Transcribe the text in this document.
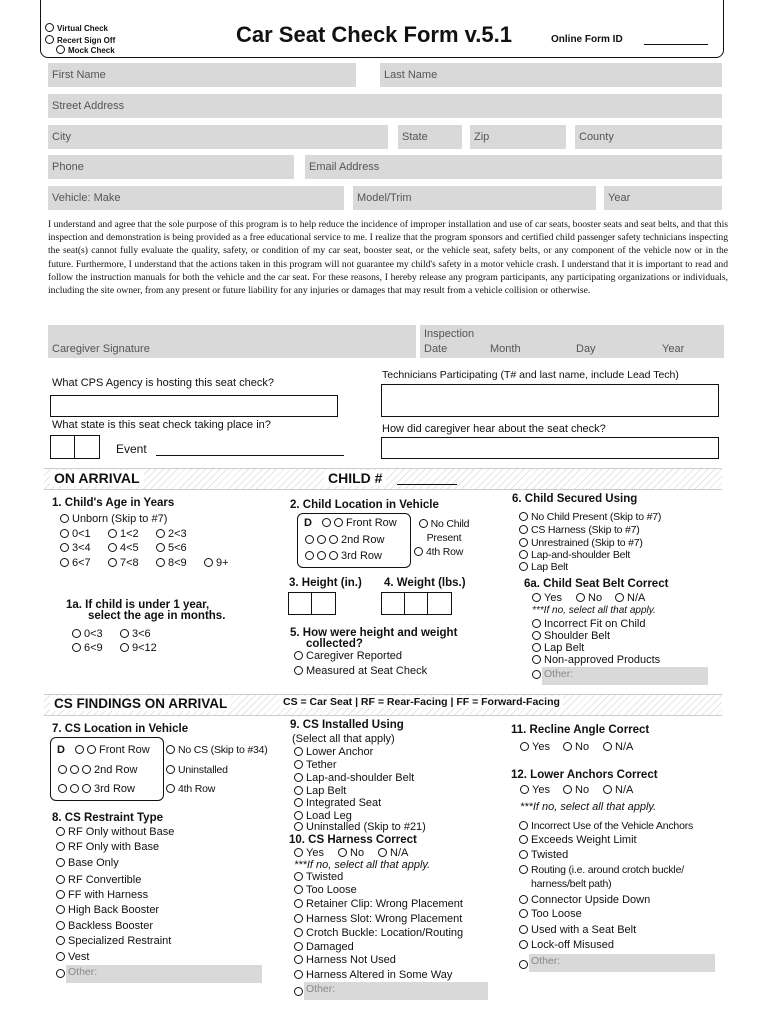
Virtual Check
Recert Sign Off
Mock Check
Car Seat Check Form v.5.1	Online Form ID
First Name	Last Name
Street Address
City	State	Zip	County
Phone	Email Address
Vehicle: Make	Model/Trim	Year
I understand and agree that the sole purpose of this program is to help reduce the incidence of improper installation and use of car seats, booster seats and seat belts, and that this inspection and demonstration is being provided as a free educational service to me. I realize that the program sponsors and certified child passenger safety technicians inspecting the seat(s) cannot fully evaluate the quality, safety, or condition of my car seat, booster seat, or the vehicle seat, safety belts, or any component of the vehicle now or in the future. Furthermore, I understand that the actions taken in this program will not guarantee my child's safety in a motor vehicle crash. I understand that it is important to read and follow the instruction manuals for both the vehicle and the car seat. For these reasons, I hereby release any program participants, any participating organizations or individuals, including the site owner, from any present or future liability for any injuries or damages that may result from a vehicle collision or otherwise.
Caregiver Signature
Inspection
Date	Month	Day	Year
What CPS Agency is hosting this seat check?
Technicians Participating (T# and last name, include Lead Tech)
What state is this seat check taking place in?
Event
How did caregiver hear about the seat check?
ON ARRIVAL	CHILD #
1. Child's Age in Years
Unborn (Skip to #7)
0<1	1<2	2<3
3<4	4<5	5<6
6<7	7<8	8<9	9+
1a. If child is under 1 year,
select the age in months.
0<3	3<6
6<9	9<12
2. Child Location in Vehicle
D	Front Row
2nd Row
3rd Row
No Child Present
4th Row
3. Height (in.) 4. Weight (lbs.)
5. How were height and weight
collected?
Caregiver Reported
Measured at Seat Check
6. Child Secured Using
No Child Present (Skip to #7)
CS Harness (Skip to #7)
Unrestrained (Skip to #7)
Lap-and-shoulder Belt
Lap Belt
6a. Child Seat Belt Correct
Yes	No	N/A
***If no, select all that apply.
Incorrect Fit on Child
Shoulder Belt
Lap Belt
Non-approved Products
Other:
CS FINDINGS ON ARRIVAL	CS = Car Seat | RF = Rear-Facing | FF = Forward-Facing
7. CS Location in Vehicle
D	Front Row
2nd Row
3rd Row
No CS (Skip to #34)
Uninstalled
4th Row
8. CS Restraint Type
RF Only without Base
RF Only with Base
Base Only
RF Convertible
FF with Harness
High Back Booster
Backless Booster
Specialized Restraint
Vest
Other:
9. CS Installed Using
(Select all that apply)
Lower Anchor
Tether
Lap-and-shoulder Belt
Lap Belt
Integrated Seat
Load Leg
Uninstalled (Skip to #21)
10. CS Harness Correct
Yes	No	N/A
***If no, select all that apply.
Twisted
Too Loose
Retainer Clip: Wrong Placement
Harness Slot: Wrong Placement
Crotch Buckle: Location/Routing
Damaged
Harness Not Used
Harness Altered in Some Way
Other:
11. Recline Angle Correct
Yes	No	N/A
12. Lower Anchors Correct
Yes	No	N/A
***If no, select all that apply.
Incorrect Use of the Vehicle Anchors
Exceeds Weight Limit
Twisted
Routing (i.e. around crotch buckle/
harness/belt path)
Connector Upside Down
Too Loose
Used with a Seat Belt
Lock-off Misused
Other:
